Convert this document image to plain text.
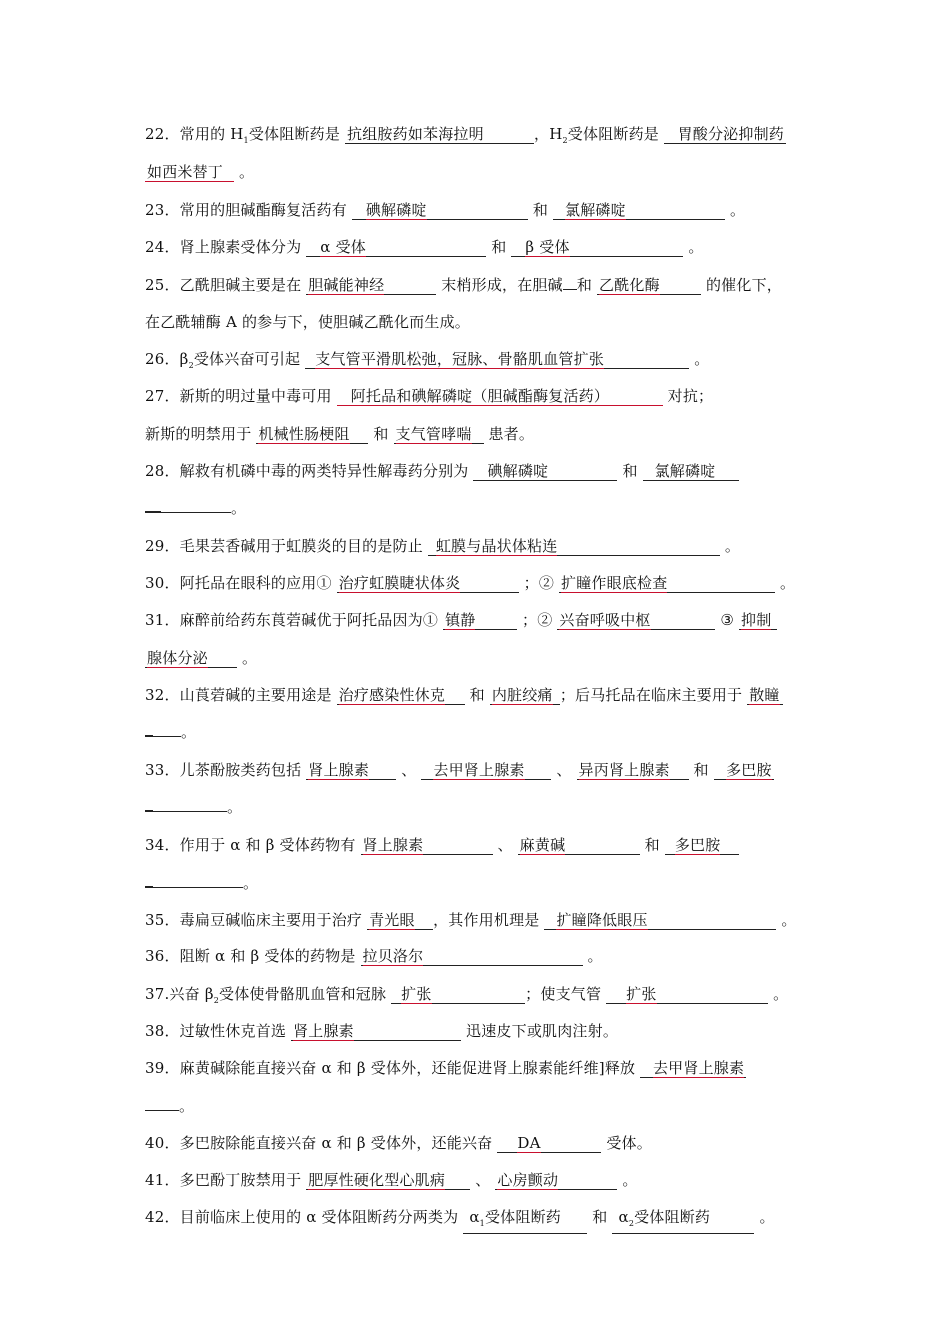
22．常用的 $H_1$受体阻断药是 抗组胺药如苯海拉明	，$H_2$受体阻断药是 胃酸分泌抑制药
如西米替丁 。
23．常用的胆碱酯酶复活药有 碘解磷啶	和 氯解磷啶	。
24．肾上腺素受体分为 α 受体	和 β 受体	。
25．乙酰胆碱主要是在 胆碱能神经	末梢形成，在胆碱 和 乙酰化酶	的催化下，
在乙酰辅酶 A 的参与下，使胆碱乙酰化而生成。
26．$\beta_2$受体兴奋可引起 支气管平滑肌松弛，冠脉、骨骼肌血管扩张	。
27．新斯的明过量中毒可用 阿托品和碘解磷啶（胆碱酯酶复活药）	对抗；
新斯的明禁用于 机械性肠梗阻 和 支气管哮喘 患者。
28．解救有机磷中毒的两类特异性解毒药分别为 碘解磷啶	和 氯解磷啶
。
29．毛果芸香碱用于虹膜炎的目的是防止 虹膜与晶状体粘连	。
30．阿托品在眼科的应用① 治疗虹膜睫状体炎	；② 扩瞳作眼底检查	。
31．麻醉前给药东莨菪碱优于阿托品因为① 镇静	；② 兴奋呼吸中枢	③ 抑制
腺体分泌 。
32．山莨菪碱的主要用途是 治疗感染性休克 和 内脏绞痛 ；后马托品在临床主要用于 散瞳
。
33．儿茶酚胺类药包括 肾上腺素 、 去甲肾上腺素 、 异丙肾上腺素 和 多巴胺
。
34．作用于 α 和 β 受体药物有 肾上腺素	、 麻黄碱	和 多巴胺
。
35．毒扁豆碱临床主要用于治疗 青光眼 ，其作用机理是 扩瞳降低眼压	。
36．阻断 α 和 β 受体的药物是 拉贝洛尔	。
37.兴奋 $\beta_2$受体使骨骼肌血管和冠脉 扩张	；使支气管 扩张	。
38．过敏性休克首选 肾上腺素	迅速皮下或肌肉注射。
39．麻黄碱除能直接兴奋 α 和 β 受体外，还能促进肾上腺素能纤维]释放 去甲肾上腺素
。
40．多巴胺除能直接兴奋 α 和 β 受体外，还能兴奋 DA	受体。
41．多巴酚丁胺禁用于 肥厚性硬化型心肌病 、 心房颤动	。
42．目前临床上使用的 α 受体阻断药分两类为 $\alpha_1$受体阻断药 和 $\alpha_2$受体阻断药	。
